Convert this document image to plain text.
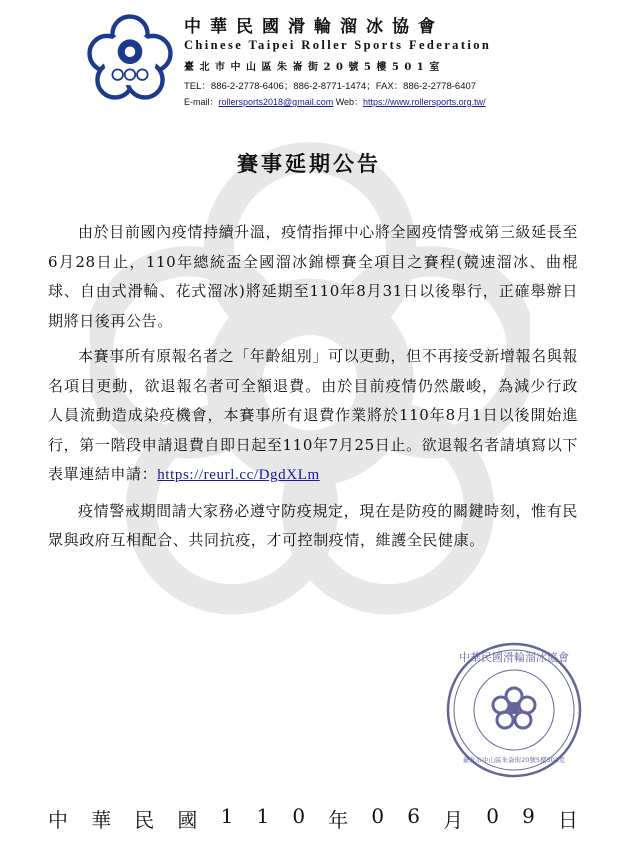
中華民國滑輪溜冰協會
Chinese Taipei Roller Sports Federation
臺北市中山區朱崙街20號5樓501室
TEL：886-2-2778-6406；886-2-8771-1474；FAX：886-2-2778-6407
E-mail：rollersports2018@gmail.com Web：https://www.rollersports.org.tw/
賽事延期公告

由於目前國內疫情持續升溫，疫情指揮中心將全國疫情警戒第三級延長至6月28日止，110年總統盃全國溜冰錦標賽全項目之賽程(競速溜冰、曲棍球、自由式滑輪、花式溜冰)將延期至110年8月31日以後舉行，正確舉辦日期將日後再公告。

本賽事所有原報名者之「年齡組別」可以更動，但不再接受新增報名與報名項目更動，欲退報名者可全額退費。由於目前疫情仍然嚴峻，為減少行政人員流動造成染疫機會，本賽事所有退費作業將於110年8月1日以後開始進行，第一階段申請退費自即日起至110年7月25日止。欲退報名者請填寫以下表單連結申請：https://reurl.cc/DgdXLm

疫情警戒期間請大家務必遵守防疫規定，現在是防疫的關鍵時刻，惟有民眾與政府互相配合、共同抗疫，才可控制疫情，維護全民健康。

中華民國滑輪溜冰協會
臺北市中山區朱崙街20號5樓501室
中 華 民 國 1 1 0 年 0 6 月 0 9 日
